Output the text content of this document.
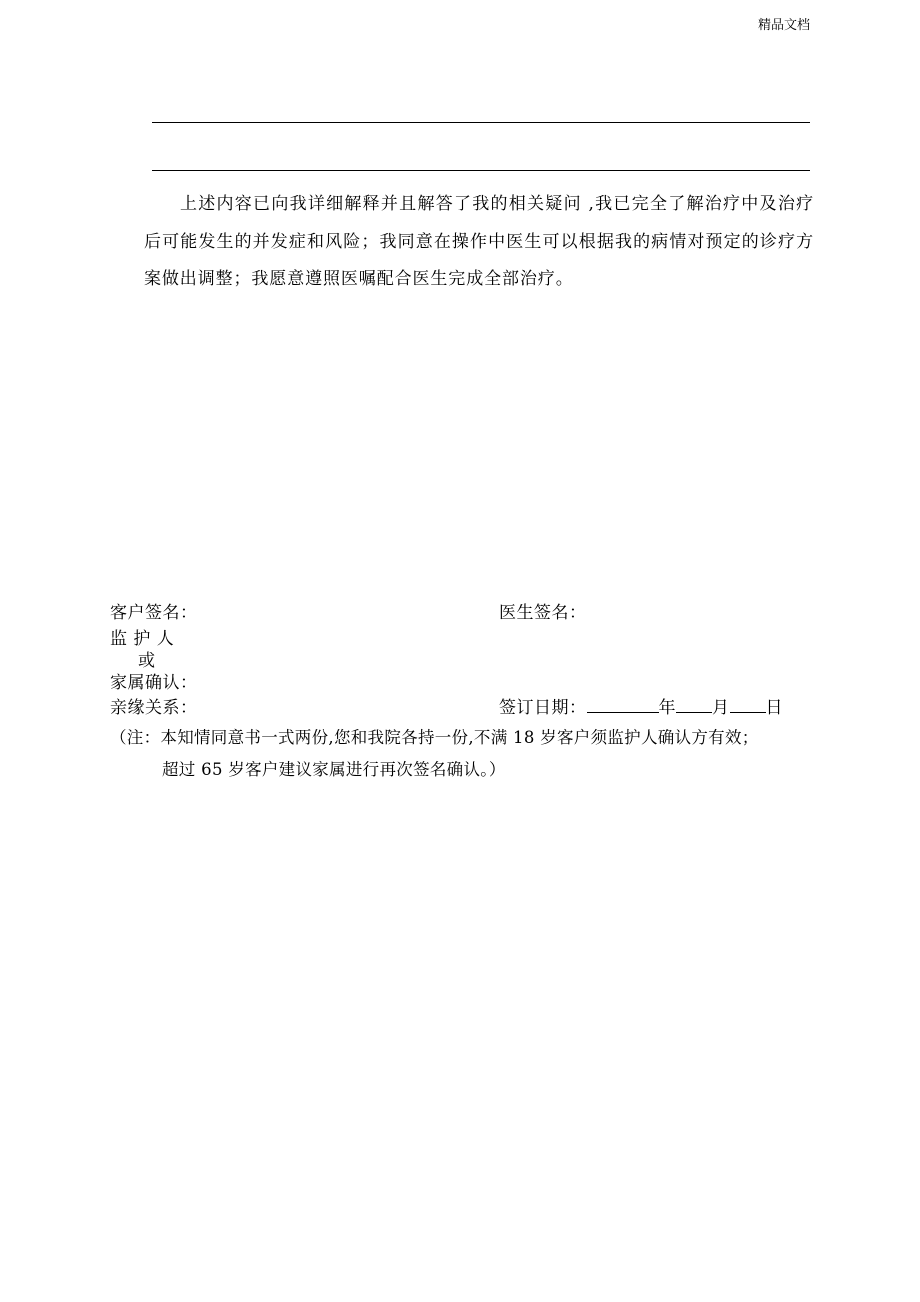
精品文档

上述内容已向我详细解释并且解答了我的相关疑问 ,我已完全了解治疗中及治疗后可能发生的并发症和风险；我同意在操作中医生可以根据我的病情对预定的诊疗方案做出调整；我愿意遵照医嘱配合医生完成全部治疗。

客户签名：	医生签名：
监 护 人
或
家属确认：
亲缘关系：	签订日期：	年 月 日

（注：本知情同意书一式两份,您和我院各持一份,不满 18 岁客户须监护人确认方有效；
超过 65 岁客户建议家属进行再次签名确认。）
